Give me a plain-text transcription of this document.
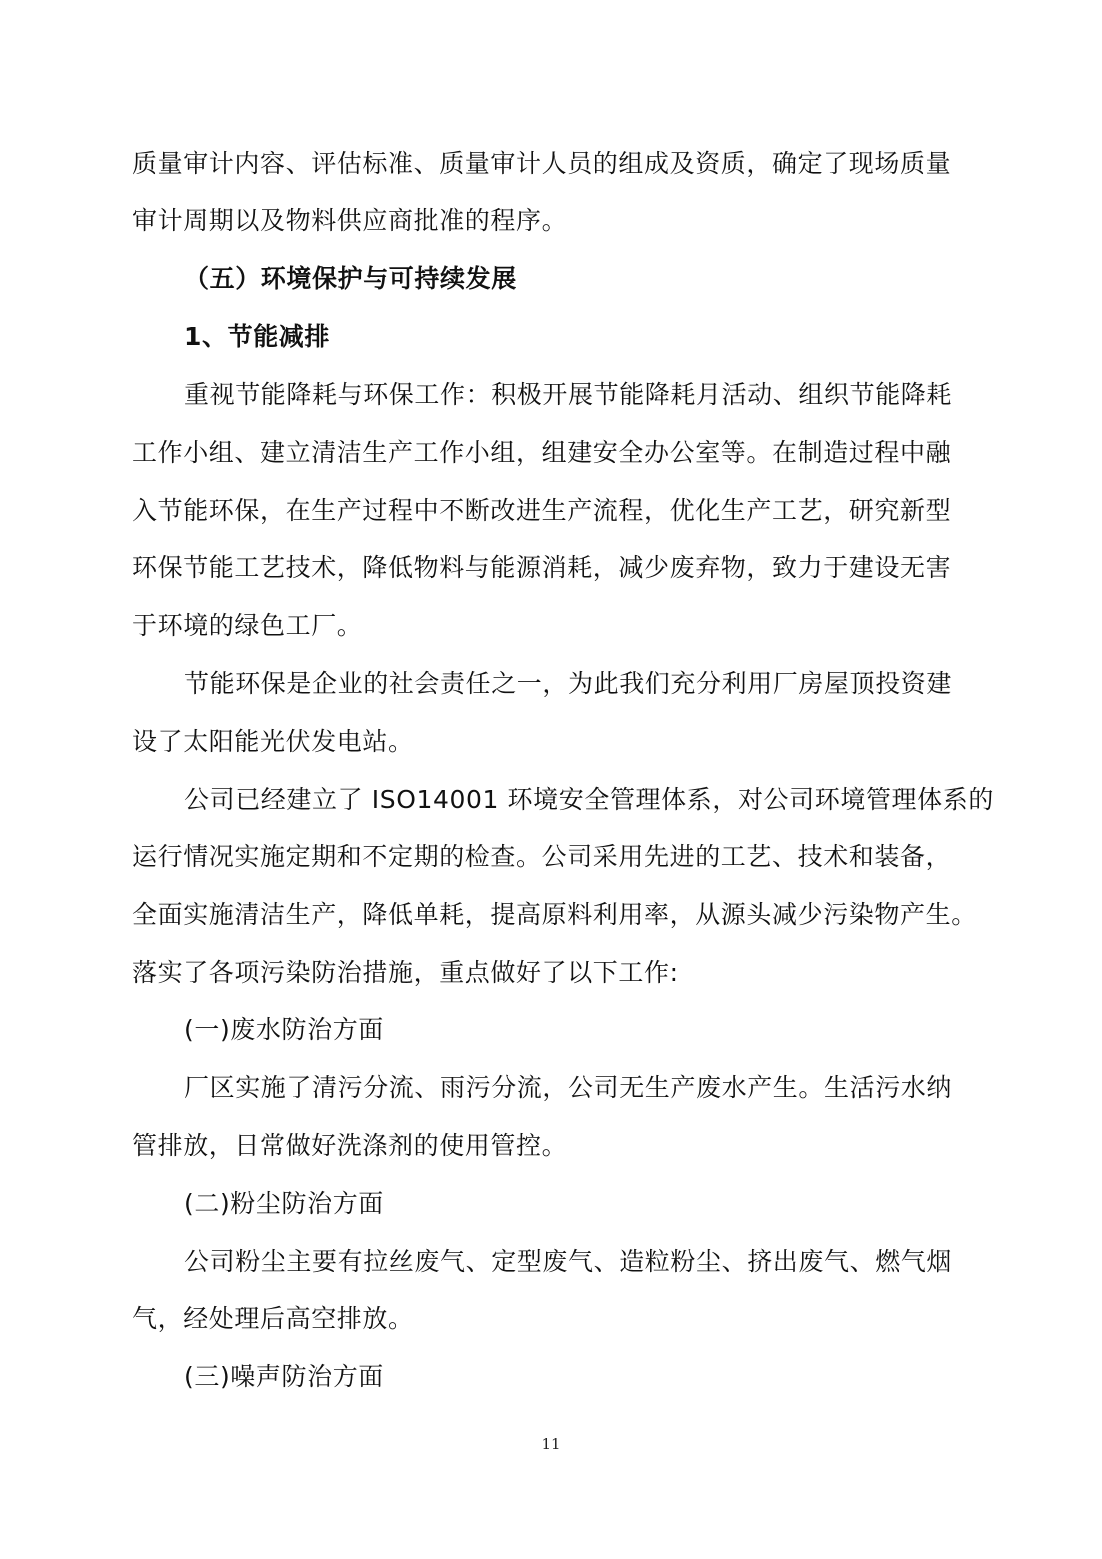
质量审计内容、评估标准、质量审计人员的组成及资质，确定了现场质量
审计周期以及物料供应商批准的程序。
（五）环境保护与可持续发展
1、节能减排
重视节能降耗与环保工作：积极开展节能降耗月活动、组织节能降耗
工作小组、建立清洁生产工作小组，组建安全办公室等。在制造过程中融
入节能环保，在生产过程中不断改进生产流程，优化生产工艺，研究新型
环保节能工艺技术，降低物料与能源消耗，减少废弃物，致力于建设无害
于环境的绿色工厂。
节能环保是企业的社会责任之一，为此我们充分利用厂房屋顶投资建
设了太阳能光伏发电站。
公司已经建立了 ISO14001 环境安全管理体系，对公司环境管理体系的
运行情况实施定期和不定期的检查。公司采用先进的工艺、技术和装备，
全面实施清洁生产，降低单耗，提高原料利用率，从源头减少污染物产生。
落实了各项污染防治措施，重点做好了以下工作:
(一)废水防治方面
厂区实施了清污分流、雨污分流，公司无生产废水产生。生活污水纳
管排放，日常做好洗涤剂的使用管控。
(二)粉尘防治方面
公司粉尘主要有拉丝废气、定型废气、造粒粉尘、挤出废气、燃气烟
气，经处理后高空排放。
(三)噪声防治方面
11
